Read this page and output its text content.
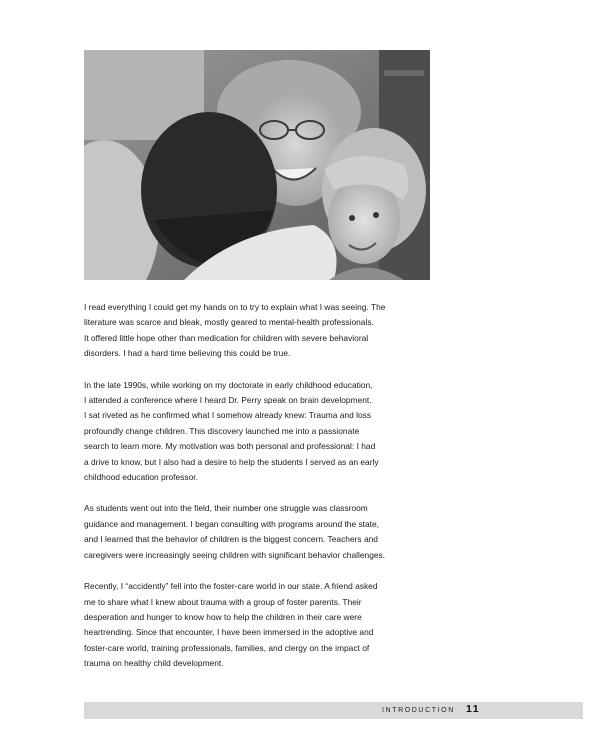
I read everything I could get my hands on to try to explain what I was seeing. The
literature was scarce and bleak, mostly geared to mental-health professionals.
It offered little hope other than medication for children with severe behavioral
disorders. I had a hard time believing this could be true.

In the late 1990s, while working on my doctorate in early childhood education,
I attended a conference where I heard Dr. Perry speak on brain development.
I sat riveted as he confirmed what I somehow already knew: Trauma and loss
profoundly change children. This discovery launched me into a passionate
search to learn more. My motivation was both personal and professional: I had
a drive to know, but I also had a desire to help the students I served as an early
childhood education professor.

As students went out into the field, their number one struggle was classroom
guidance and management. I began consulting with programs around the state,
and I learned that the behavior of children is the biggest concern. Teachers and
caregivers were increasingly seeing children with significant behavior challenges.

Recently, I “accidently” fell into the foster-care world in our state. A friend asked
me to share what I knew about trauma with a group of foster parents. Their
desperation and hunger to know how to help the children in their care were
heartrending. Since that encounter, I have been immersed in the adoptive and
foster-care world, training professionals, families, and clergy on the impact of
trauma on healthy child development.

INTRODUCTION 11
